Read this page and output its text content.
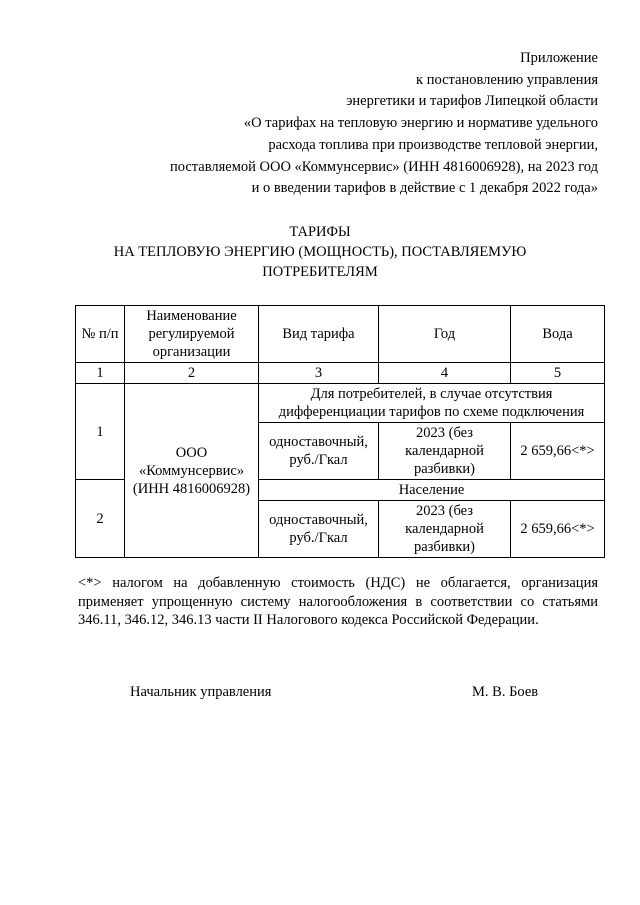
Приложение
к постановлению управления
энергетики и тарифов Липецкой области
«О тарифах на тепловую энергию и нормативе удельного
расхода топлива при производстве тепловой энергии,
поставляемой ООО «Коммунсервис» (ИНН 4816006928), на 2023 год
и о введении тарифов в действие с 1 декабря 2022 года»
ТАРИФЫ
НА ТЕПЛОВУЮ ЭНЕРГИЮ (МОЩНОСТЬ), ПОСТАВЛЯЕМУЮ
ПОТРЕБИТЕЛЯМ
№ п/п	Наименование регулируемой организации	Вид тарифа	Год	Вода
1	2	3	4	5
1	ООО «Коммунсервис» (ИНН 4816006928)	Для потребителей, в случае отсутствия дифференциации тарифов по схеме подключения		
		одноставочный, руб./Гкал	2023 (без календарной разбивки)	2 659,66<*>
2		Население		
		одноставочный, руб./Гкал	2023 (без календарной разбивки)	2 659,66<*>
<*> налогом на добавленную стоимость (НДС) не облагается, организация применяет упрощенную систему налогообложения в соответствии со статьями 346.11, 346.12, 346.13 части II Налогового кодекса Российской Федерации.
Начальник управления	М. В. Боев
